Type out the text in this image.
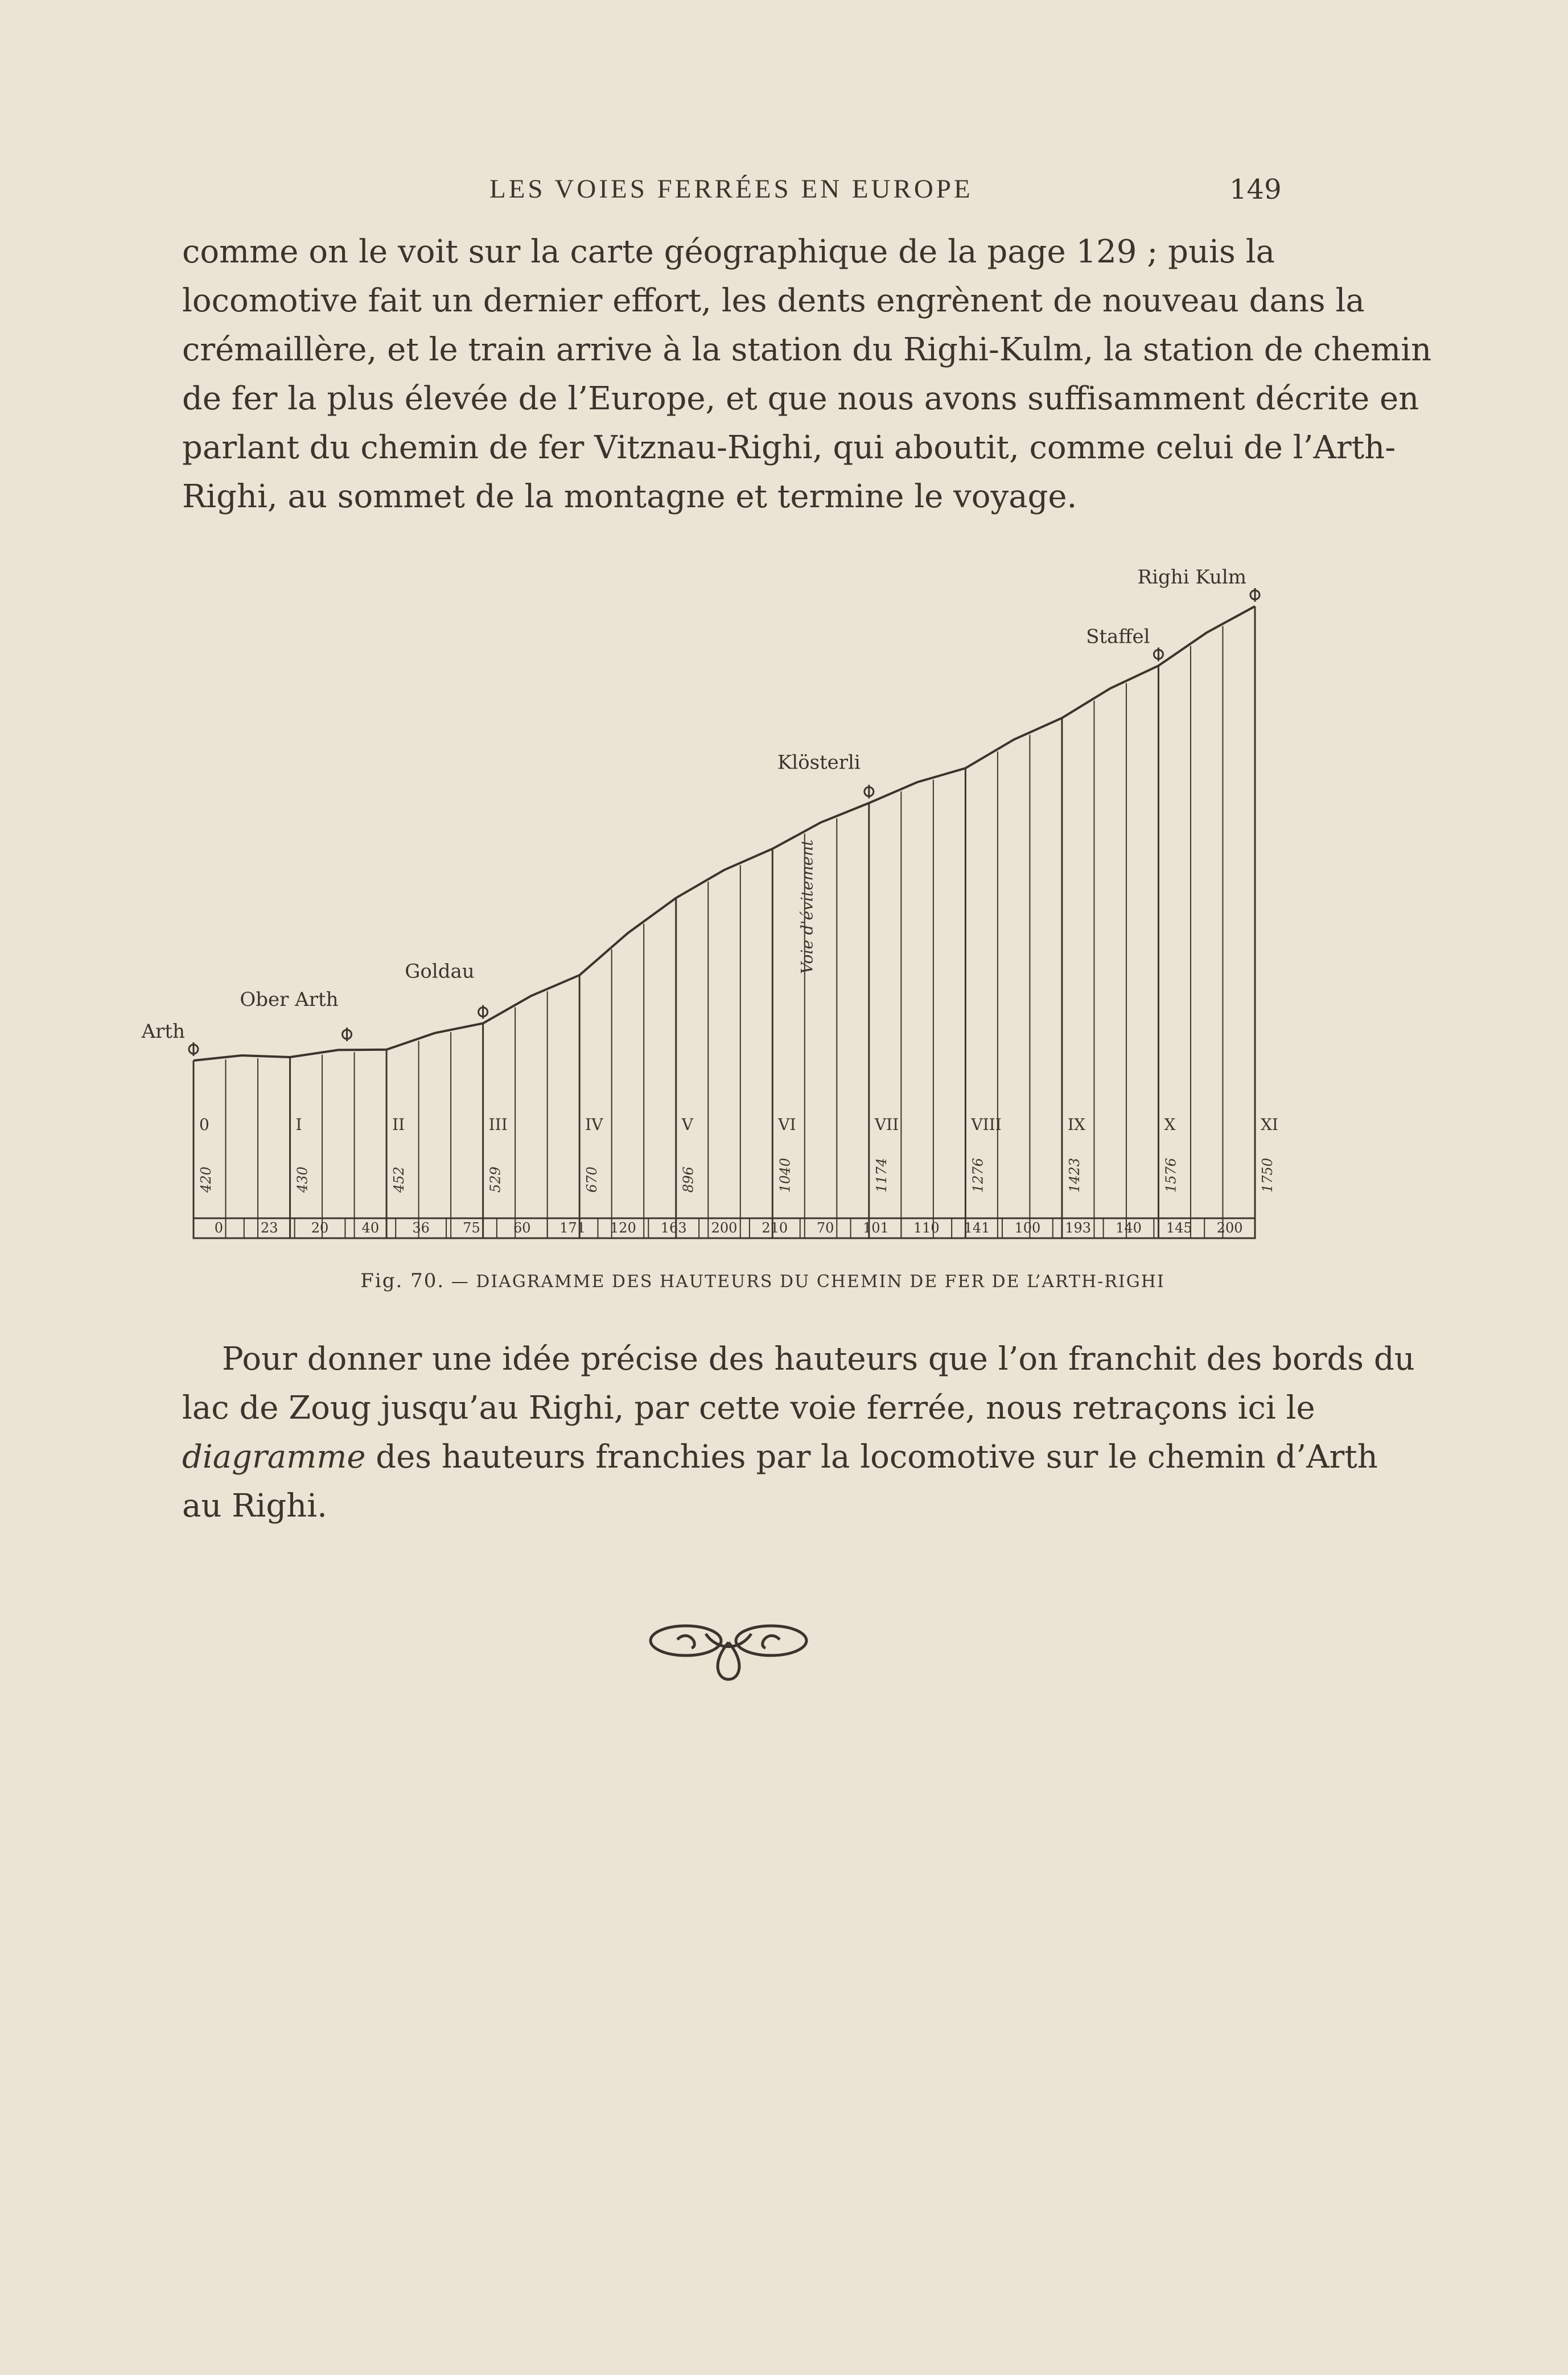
LES VOIES FERRÉES EN EUROPE	149
comme on le voit sur la carte géographique de la page 129 ; puis la
locomotive fait un dernier effort, les dents engrènent de nouveau dans la
crémaillère, et le train arrive à la station du Righi-Kulm, la station de chemin
de fer la plus élevée de l’Europe, et que nous avons suffisamment décrite en
parlant du chemin de fer Vitznau-Righi, qui aboutit, comme celui de l’Arth-
Righi, au sommet de la montagne et termine le voyage.
Arth
Ober Arth
Goldau
Klösterli
Staffel
Righi Kulm
0
420
I
430
II
452
III
529
IV
670
V
896
VI
1040
VII
1174
VIII
1276
IX
1423
X
1576
XI
1750
0	23 20 40 36 75 60 171 120 163 200 210 70 101 110 141 100 193 140 145 200
Voie d'évitement
Fig. 70. — DIAGRAMME DES HAUTEURS DU CHEMIN DE FER DE L’ARTH-RIGHI
Pour donner une idée précise des hauteurs que l’on franchit des bords du
lac de Zoug jusqu’au Righi, par cette voie ferrée, nous retraçons ici le
diagramme des hauteurs franchies par la locomotive sur le chemin d’Arth
au Righi.
